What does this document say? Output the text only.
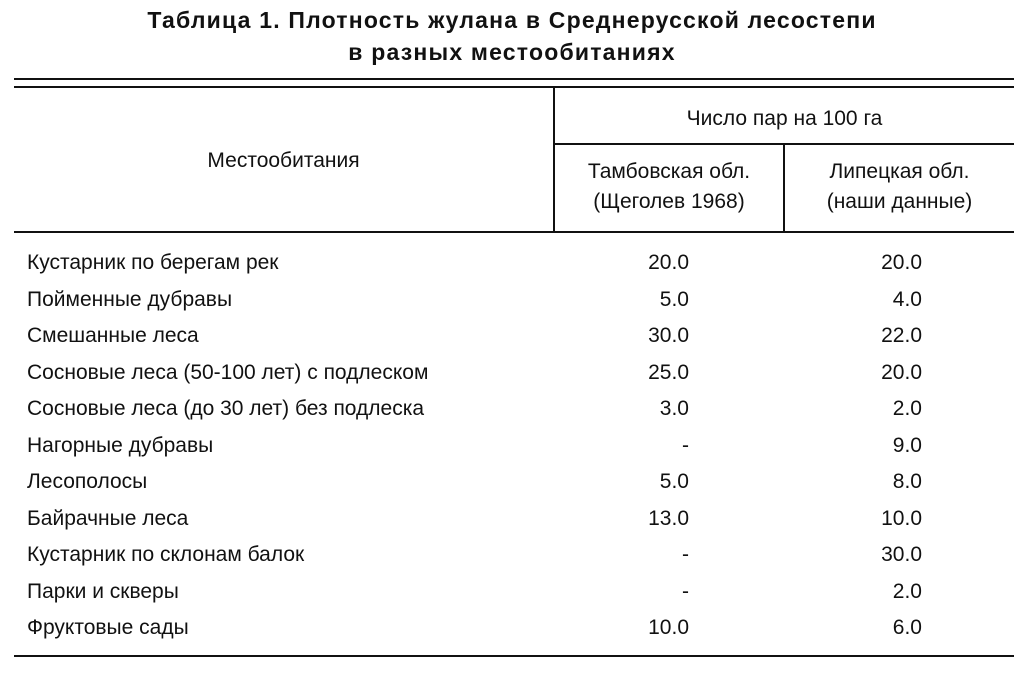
Таблица 1. Плотность жулана в Среднерусской лесостепи
в разных местообитаниях
Местообитания
Число пар на 100 га
Тамбовская обл.
(Щеголев 1968)
Липецкая обл.
(наши данные)
Кустарник по берегам рек	20.0	20.0
Пойменные дубравы	5.0	4.0
Смешанные леса	30.0	22.0
Сосновые леса (50-100 лет) с подлеском	25.0	20.0
Сосновые леса (до 30 лет) без подлеска	3.0	2.0
Нагорные дубравы	-	9.0
Лесополосы	5.0	8.0
Байрачные леса	13.0	10.0
Кустарник по склонам балок	-	30.0
Парки и скверы	-	2.0
Фруктовые сады	10.0	6.0
